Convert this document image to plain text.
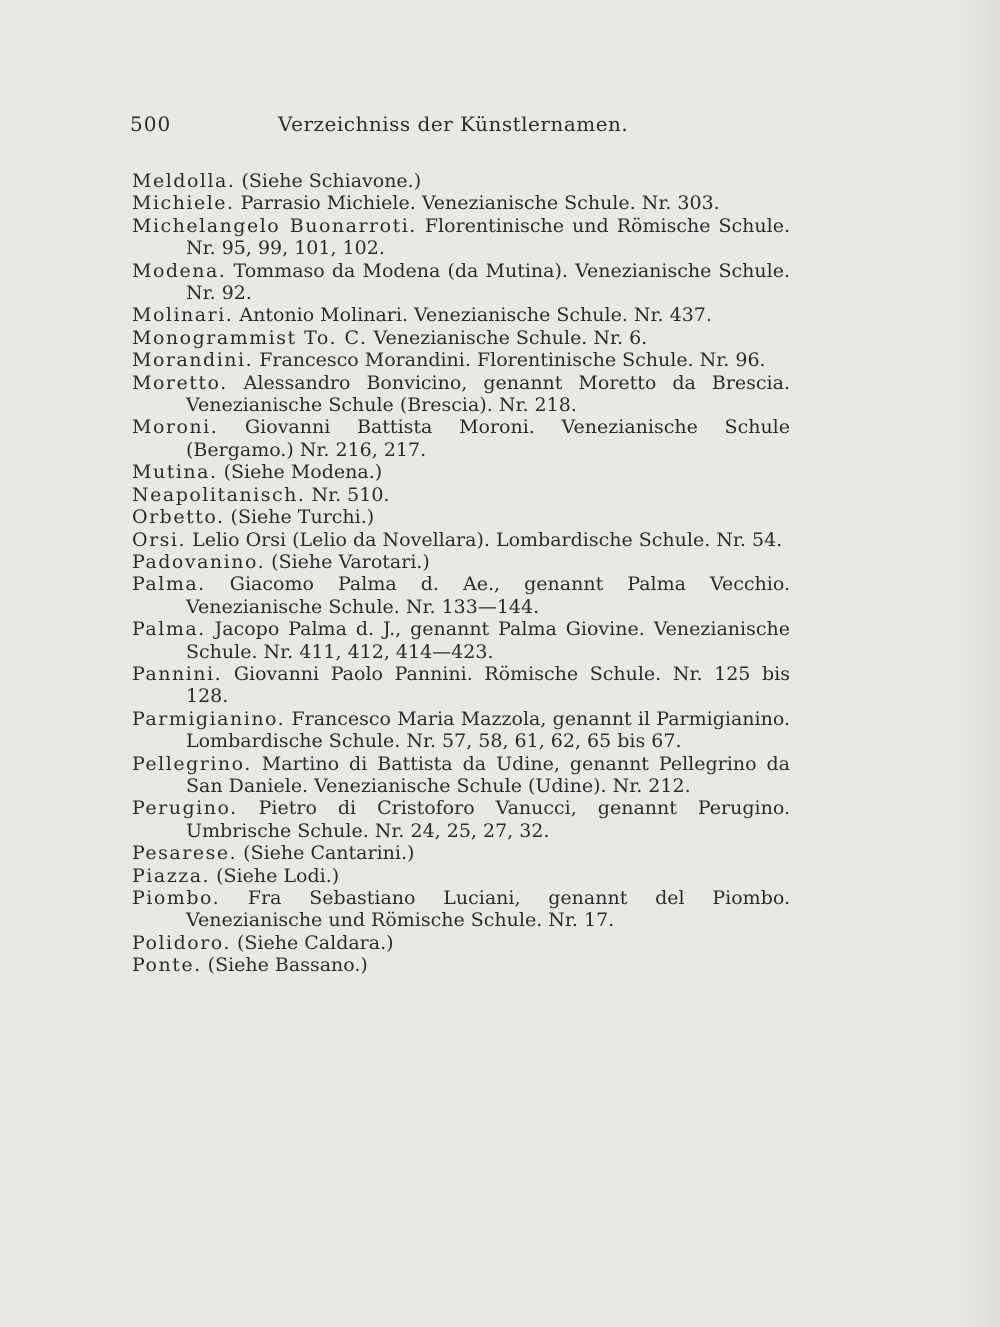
500	Verzeichniss der Künstlernamen.
Meldolla. (Siehe Schiavone.)
Michiele. Parrasio Michiele. Venezianische Schule. Nr. 303.
Michelangelo Buonarroti. Florentinische und Römische Schule. Nr. 95, 99, 101, 102.
Modena. Tommaso da Modena (da Mutina). Venezianische Schule. Nr. 92.
Molinari. Antonio Molinari. Venezianische Schule. Nr. 437.
Monogrammist To. C. Venezianische Schule. Nr. 6.
Morandini. Francesco Morandini. Florentinische Schule. Nr. 96.
Moretto. Alessandro Bonvicino, genannt Moretto da Brescia. Venezianische Schule (Brescia). Nr. 218.
Moroni. Giovanni Battista Moroni. Venezianische Schule (Bergamo.) Nr. 216, 217.
Mutina. (Siehe Modena.)
Neapolitanisch. Nr. 510.
Orbetto. (Siehe Turchi.)
Orsi. Lelio Orsi (Lelio da Novellara). Lombardische Schule. Nr. 54.
Padovanino. (Siehe Varotari.)
Palma. Giacomo Palma d. Ae., genannt Palma Vecchio. Venezianische Schule. Nr. 133—144.
Palma. Jacopo Palma d. J., genannt Palma Giovine. Venezianische Schule. Nr. 411, 412, 414—423.
Pannini. Giovanni Paolo Pannini. Römische Schule. Nr. 125 bis 128.
Parmigianino. Francesco Maria Mazzola, genannt il Parmigianino. Lombardische Schule. Nr. 57, 58, 61, 62, 65 bis 67.
Pellegrino. Martino di Battista da Udine, genannt Pellegrino da San Daniele. Venezianische Schule (Udine). Nr. 212.
Perugino. Pietro di Cristoforo Vanucci, genannt Perugino. Umbrische Schule. Nr. 24, 25, 27, 32.
Pesarese. (Siehe Cantarini.)
Piazza. (Siehe Lodi.)
Piombo. Fra Sebastiano Luciani, genannt del Piombo. Venezianische und Römische Schule. Nr. 17.
Polidoro. (Siehe Caldara.)
Ponte. (Siehe Bassano.)
